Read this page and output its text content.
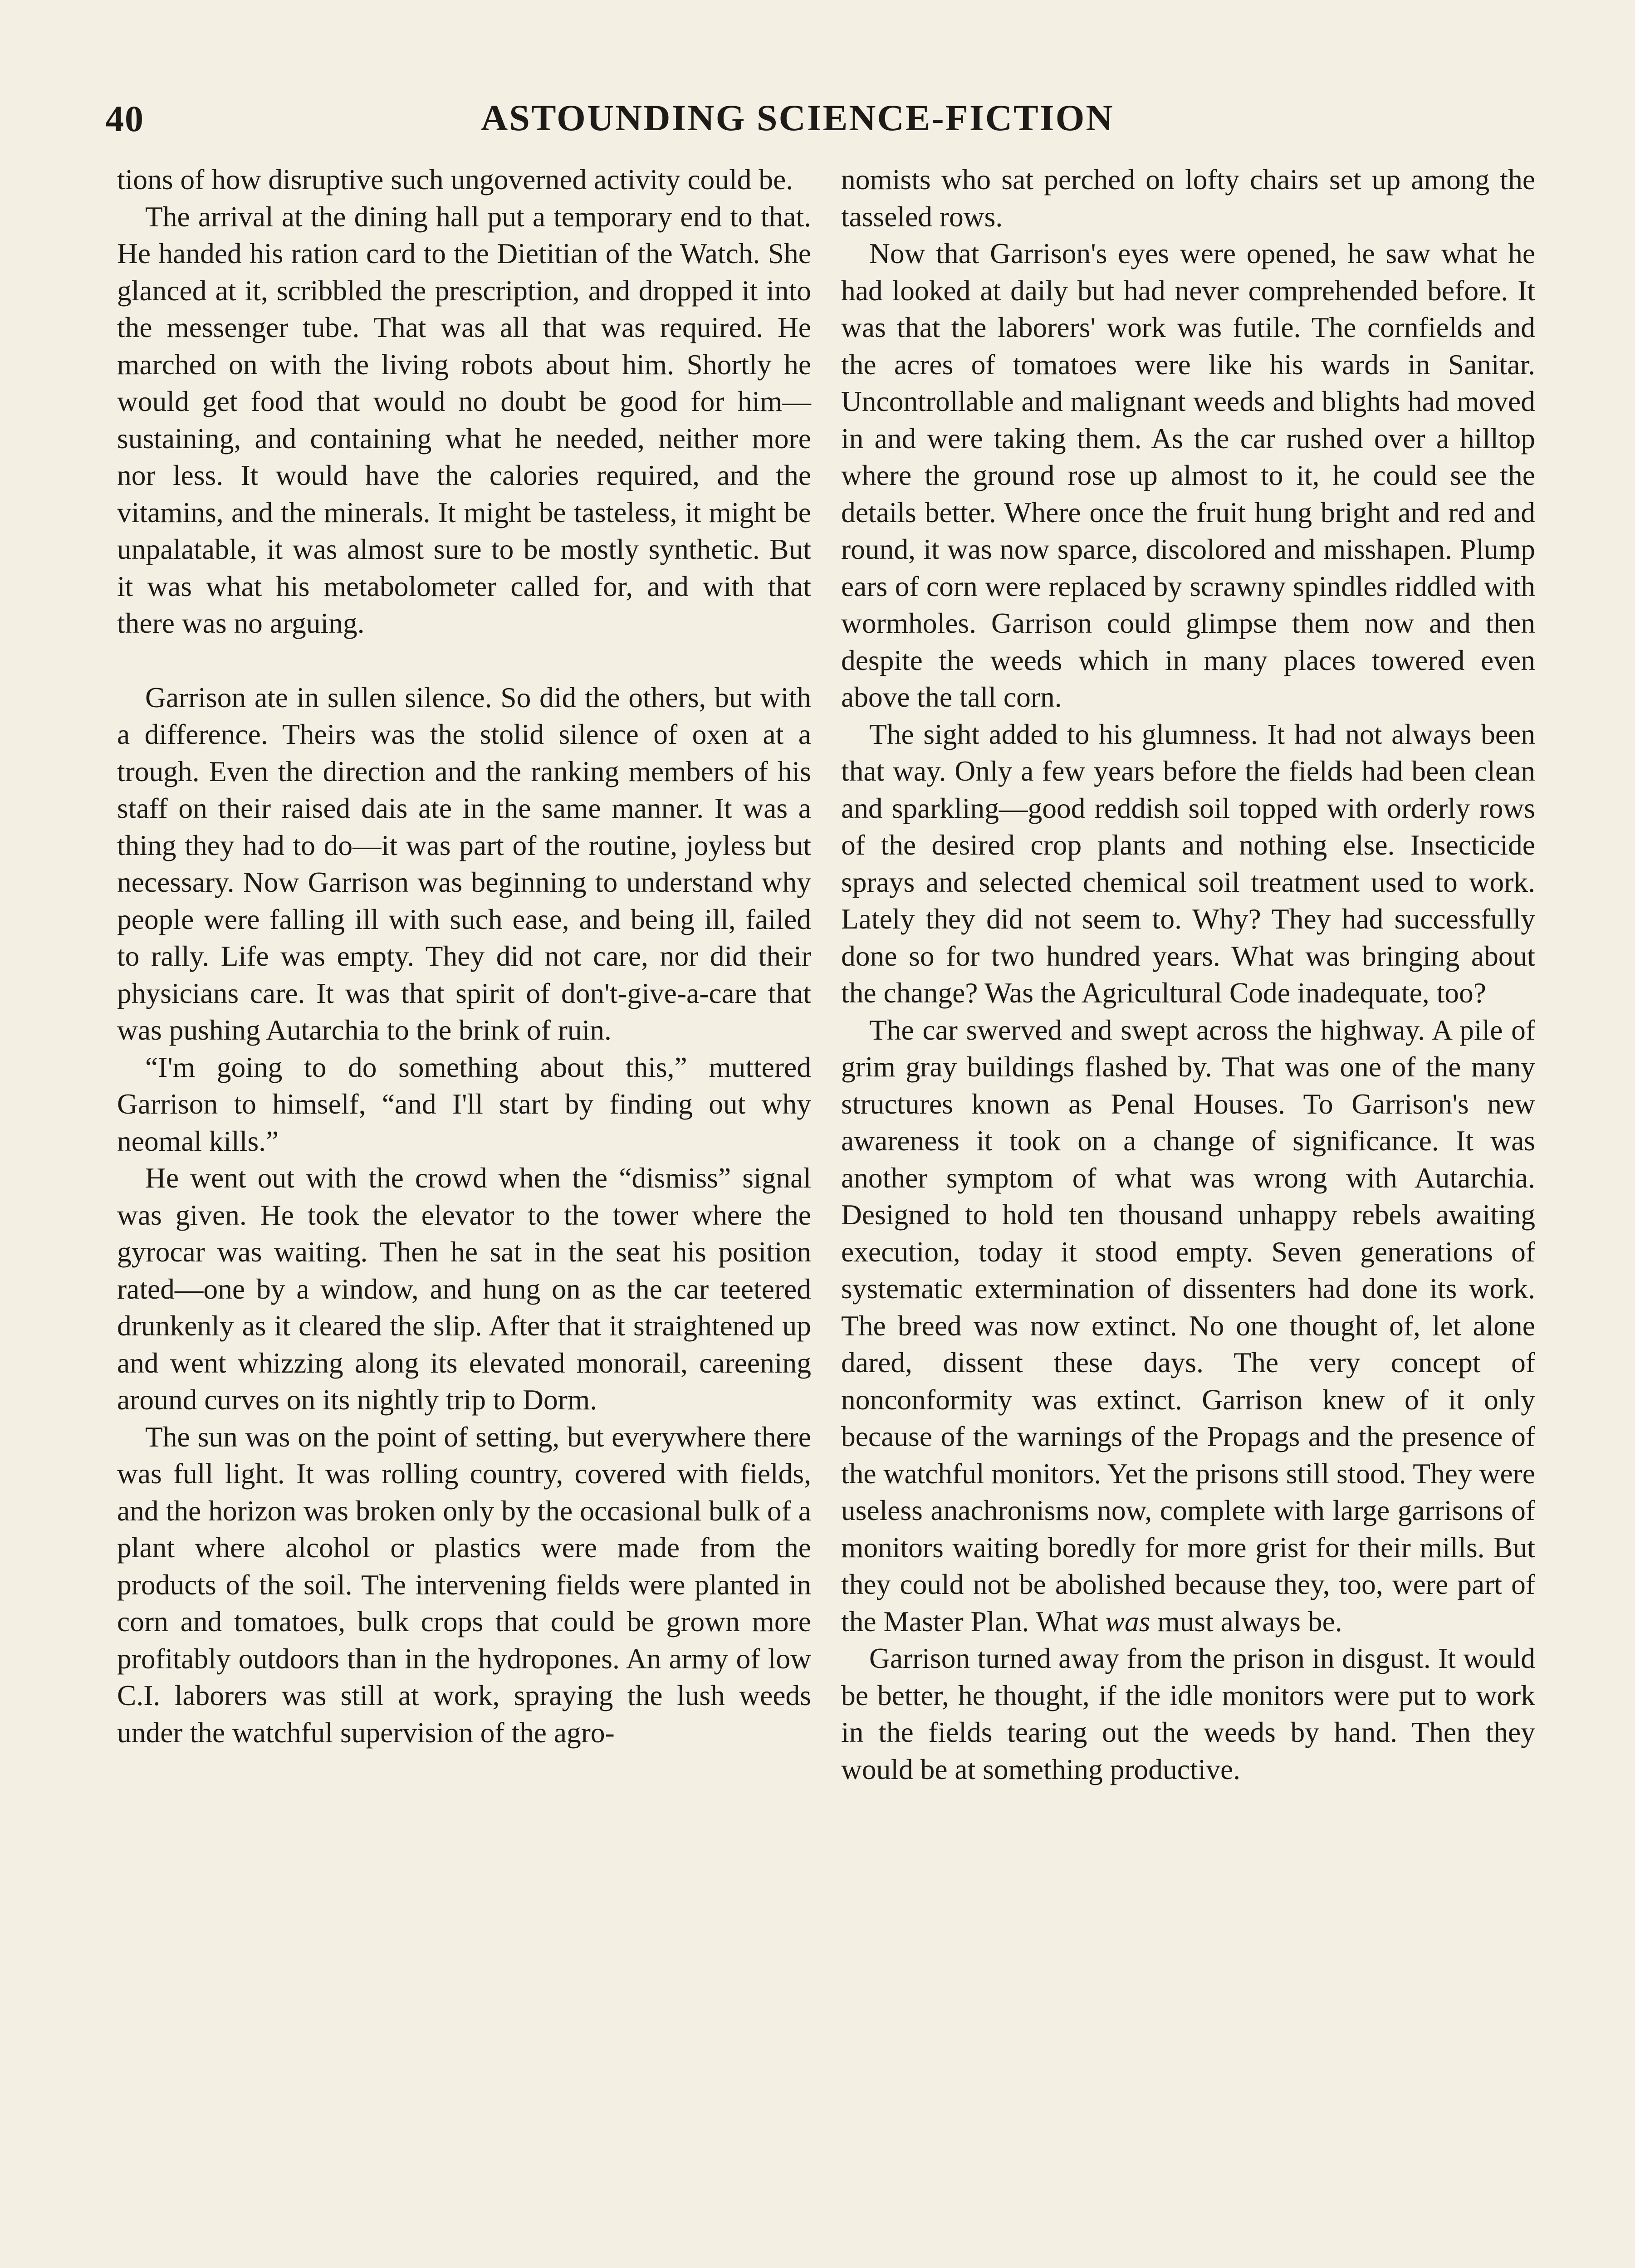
40	ASTOUNDING SCIENCE-FICTION

tions of how disruptive such ungoverned activity could be.

The arrival at the dining hall put a temporary end to that. He handed his ration card to the Dietitian of the Watch. She glanced at it, scribbled the prescription, and dropped it into the messenger tube. That was all that was required. He marched on with the living robots about him. Shortly he would get food that would no doubt be good for him—sustaining, and containing what he needed, neither more nor less. It would have the calories required, and the vitamins, and the minerals. It might be tasteless, it might be unpalatable, it was almost sure to be mostly synthetic. But it was what his metabolometer called for, and with that there was no arguing.

Garrison ate in sullen silence. So did the others, but with a difference. Theirs was the stolid silence of oxen at a trough. Even the direction and the ranking members of his staff on their raised dais ate in the same manner. It was a thing they had to do—it was part of the routine, joyless but necessary. Now Garrison was beginning to understand why people were falling ill with such ease, and being ill, failed to rally. Life was empty. They did not care, nor did their physicians care. It was that spirit of don't-give-a-care that was pushing Autarchia to the brink of ruin.

“I'm going to do something about this,” muttered Garrison to himself, “and I'll start by finding out why neomal kills.”

He went out with the crowd when the “dismiss” signal was given. He took the elevator to the tower where the gyrocar was waiting. Then he sat in the seat his position rated—one by a window, and hung on as the car teetered drunkenly as it cleared the slip. After that it straightened up and went whizzing along its elevated monorail, careening around curves on its nightly trip to Dorm.

The sun was on the point of setting, but everywhere there was full light. It was rolling country, covered with fields, and the horizon was broken only by the occasional bulk of a plant where alcohol or plastics were made from the products of the soil. The intervening fields were planted in corn and tomatoes, bulk crops that could be grown more profitably outdoors than in the hydropones. An army of low C.I. laborers was still at work, spraying the lush weeds under the watchful supervision of the agro-

nomists who sat perched on lofty chairs set up among the tasseled rows.

Now that Garrison's eyes were opened, he saw what he had looked at daily but had never comprehended before. It was that the laborers' work was futile. The cornfields and the acres of tomatoes were like his wards in Sanitar. Uncontrollable and malignant weeds and blights had moved in and were taking them. As the car rushed over a hilltop where the ground rose up almost to it, he could see the details better. Where once the fruit hung bright and red and round, it was now sparce, discolored and misshapen. Plump ears of corn were replaced by scrawny spindles riddled with wormholes. Garrison could glimpse them now and then despite the weeds which in many places towered even above the tall corn.

The sight added to his glumness. It had not always been that way. Only a few years before the fields had been clean and sparkling—good reddish soil topped with orderly rows of the desired crop plants and nothing else. Insecticide sprays and selected chemical soil treatment used to work. Lately they did not seem to. Why? They had successfully done so for two hundred years. What was bringing about the change? Was the Agricultural Code inadequate, too?

The car swerved and swept across the highway. A pile of grim gray buildings flashed by. That was one of the many structures known as Penal Houses. To Garrison's new awareness it took on a change of significance. It was another symptom of what was wrong with Autarchia. Designed to hold ten thousand unhappy rebels awaiting execution, today it stood empty. Seven generations of systematic extermination of dissenters had done its work. The breed was now extinct. No one thought of, let alone dared, dissent these days. The very concept of nonconformity was extinct. Garrison knew of it only because of the warnings of the Propags and the presence of the watchful monitors. Yet the prisons still stood. They were useless anachronisms now, complete with large garrisons of monitors waiting boredly for more grist for their mills. But they could not be abolished because they, too, were part of the Master Plan. What was must always be.

Garrison turned away from the prison in disgust. It would be better, he thought, if the idle monitors were put to work in the fields tearing out the weeds by hand. Then they would be at something productive.
